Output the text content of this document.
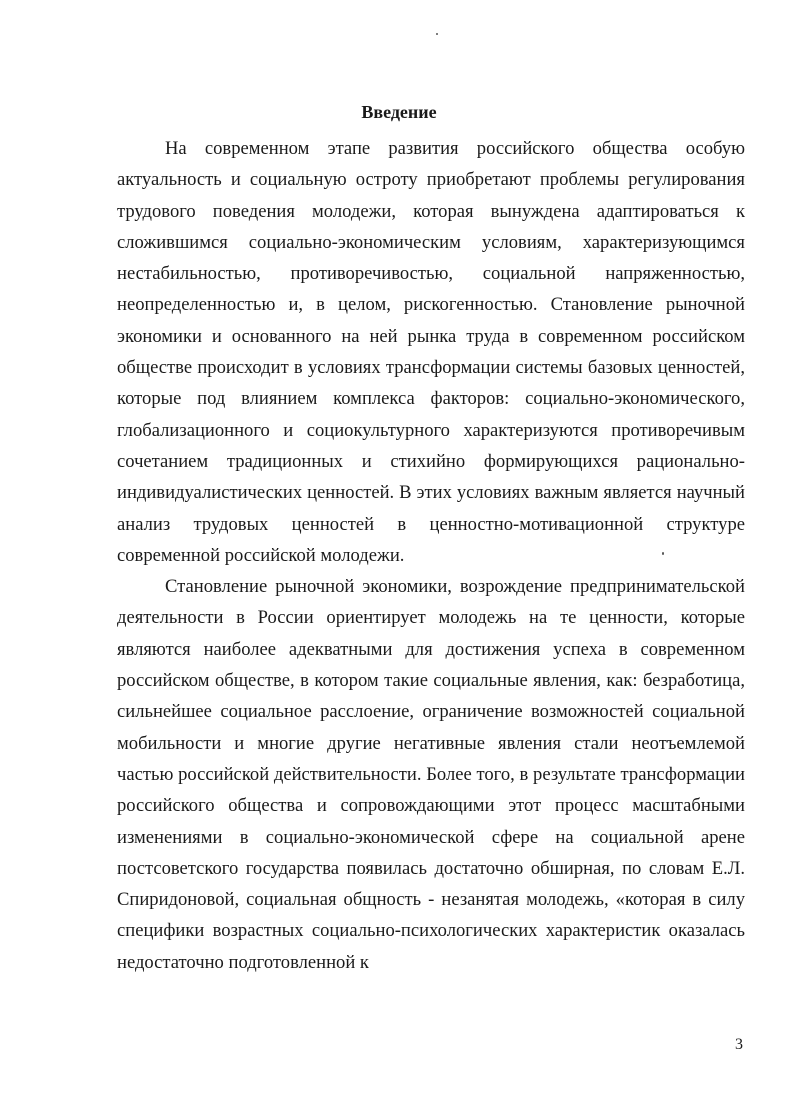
Введение

На современном этапе развития российского общества особую актуальность и социальную остроту приобретают проблемы регулирования трудового поведения молодежи, которая вынуждена адаптироваться к сложившимся социально-экономическим условиям, характеризующимся нестабильностью, противоречивостью, социальной напряженностью, неопределенностью и, в целом, рискогенностью. Становление рыночной экономики и основанного на ней рынка труда в современном российском обществе происходит в условиях трансформации системы базовых ценностей, которые под влиянием комплекса факторов: социально-экономического, глобализационного и социокультурного характеризуются противоречивым сочетанием традиционных и стихийно формирующихся рационально-индивидуалистических ценностей. В этих условиях важным является научный анализ трудовых ценностей в ценностно-мотивационной структуре современной российской молодежи.

Становление рыночной экономики, возрождение предпринимательской деятельности в России ориентирует молодежь на те ценности, которые являются наиболее адекватными для достижения успеха в современном российском обществе, в котором такие социальные явления, как: безработица, сильнейшее социальное расслоение, ограничение возможностей социальной мобильности и многие другие негативные явления стали неотъемлемой частью российской действительности. Более того, в результате трансформации российского общества и сопровождающими этот процесс масштабными изменениями в социально-экономической сфере на социальной арене постсоветского государства появилась достаточно обширная, по словам Е.Л. Спиридоновой, социальная общность - незанятая молодежь, «которая в силу специфики возрастных социально-психологических характеристик оказалась недостаточно подготовленной к

3
